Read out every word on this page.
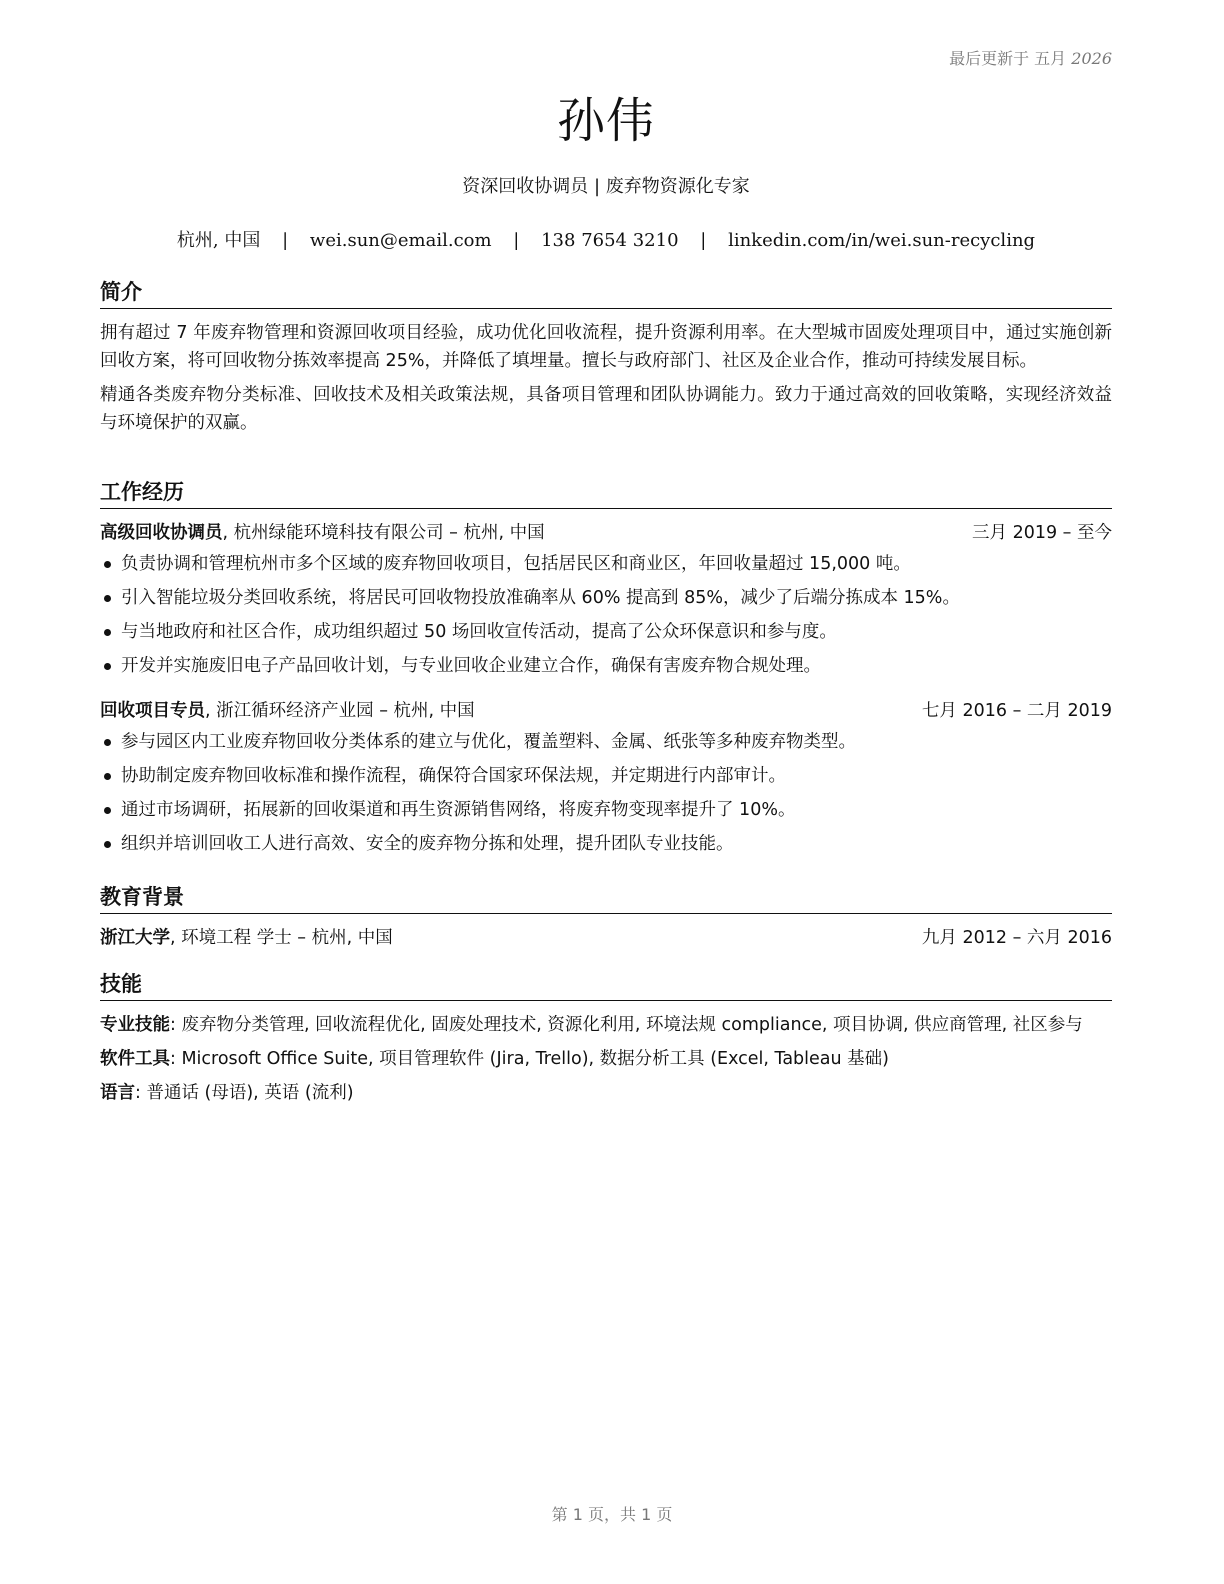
最后更新于 五月 2026
孙伟
资深回收协调员 | 废弃物资源化专家
杭州, 中国 | wei.sun@email.com | 138 7654 3210 | linkedin.com/in/wei.sun-recycling
简介

拥有超过 7 年废弃物管理和资源回收项目经验，成功优化回收流程，提升资源利用率。在大型城市固废处理项目中，通过实施创新回收方案，将可回收物分拣效率提高 25%，并降低了填埋量。擅长与政府部门、社区及企业合作，推动可持续发展目标。

精通各类废弃物分类标准、回收技术及相关政策法规，具备项目管理和团队协调能力。致力于通过高效的回收策略，实现经济效益与环境保护的双赢。

工作经历
高级回收协调员, 杭州绿能环境科技有限公司 – 杭州, 中国	三月 2019 – 至今
负责协调和管理杭州市多个区域的废弃物回收项目，包括居民区和商业区，年回收量超过 15,000 吨。
引入智能垃圾分类回收系统，将居民可回收物投放准确率从 60% 提高到 85%，减少了后端分拣成本 15%。
与当地政府和社区合作，成功组织超过 50 场回收宣传活动，提高了公众环保意识和参与度。
开发并实施废旧电子产品回收计划，与专业回收企业建立合作，确保有害废弃物合规处理。
回收项目专员, 浙江循环经济产业园 – 杭州, 中国	七月 2016 – 二月 2019
参与园区内工业废弃物回收分类体系的建立与优化，覆盖塑料、金属、纸张等多种废弃物类型。
协助制定废弃物回收标准和操作流程，确保符合国家环保法规，并定期进行内部审计。
通过市场调研，拓展新的回收渠道和再生资源销售网络，将废弃物变现率提升了 10%。
组织并培训回收工人进行高效、安全的废弃物分拣和处理，提升团队专业技能。
教育背景
浙江大学, 环境工程 学士 – 杭州, 中国	九月 2012 – 六月 2016
技能
专业技能: 废弃物分类管理, 回收流程优化, 固废处理技术, 资源化利用, 环境法规 compliance, 项目协调, 供应商管理, 社区参与
软件工具: Microsoft Office Suite, 项目管理软件 (Jira, Trello), 数据分析工具 (Excel, Tableau 基础)
语言: 普通话 (母语), 英语 (流利)
第 1 页，共 1 页
